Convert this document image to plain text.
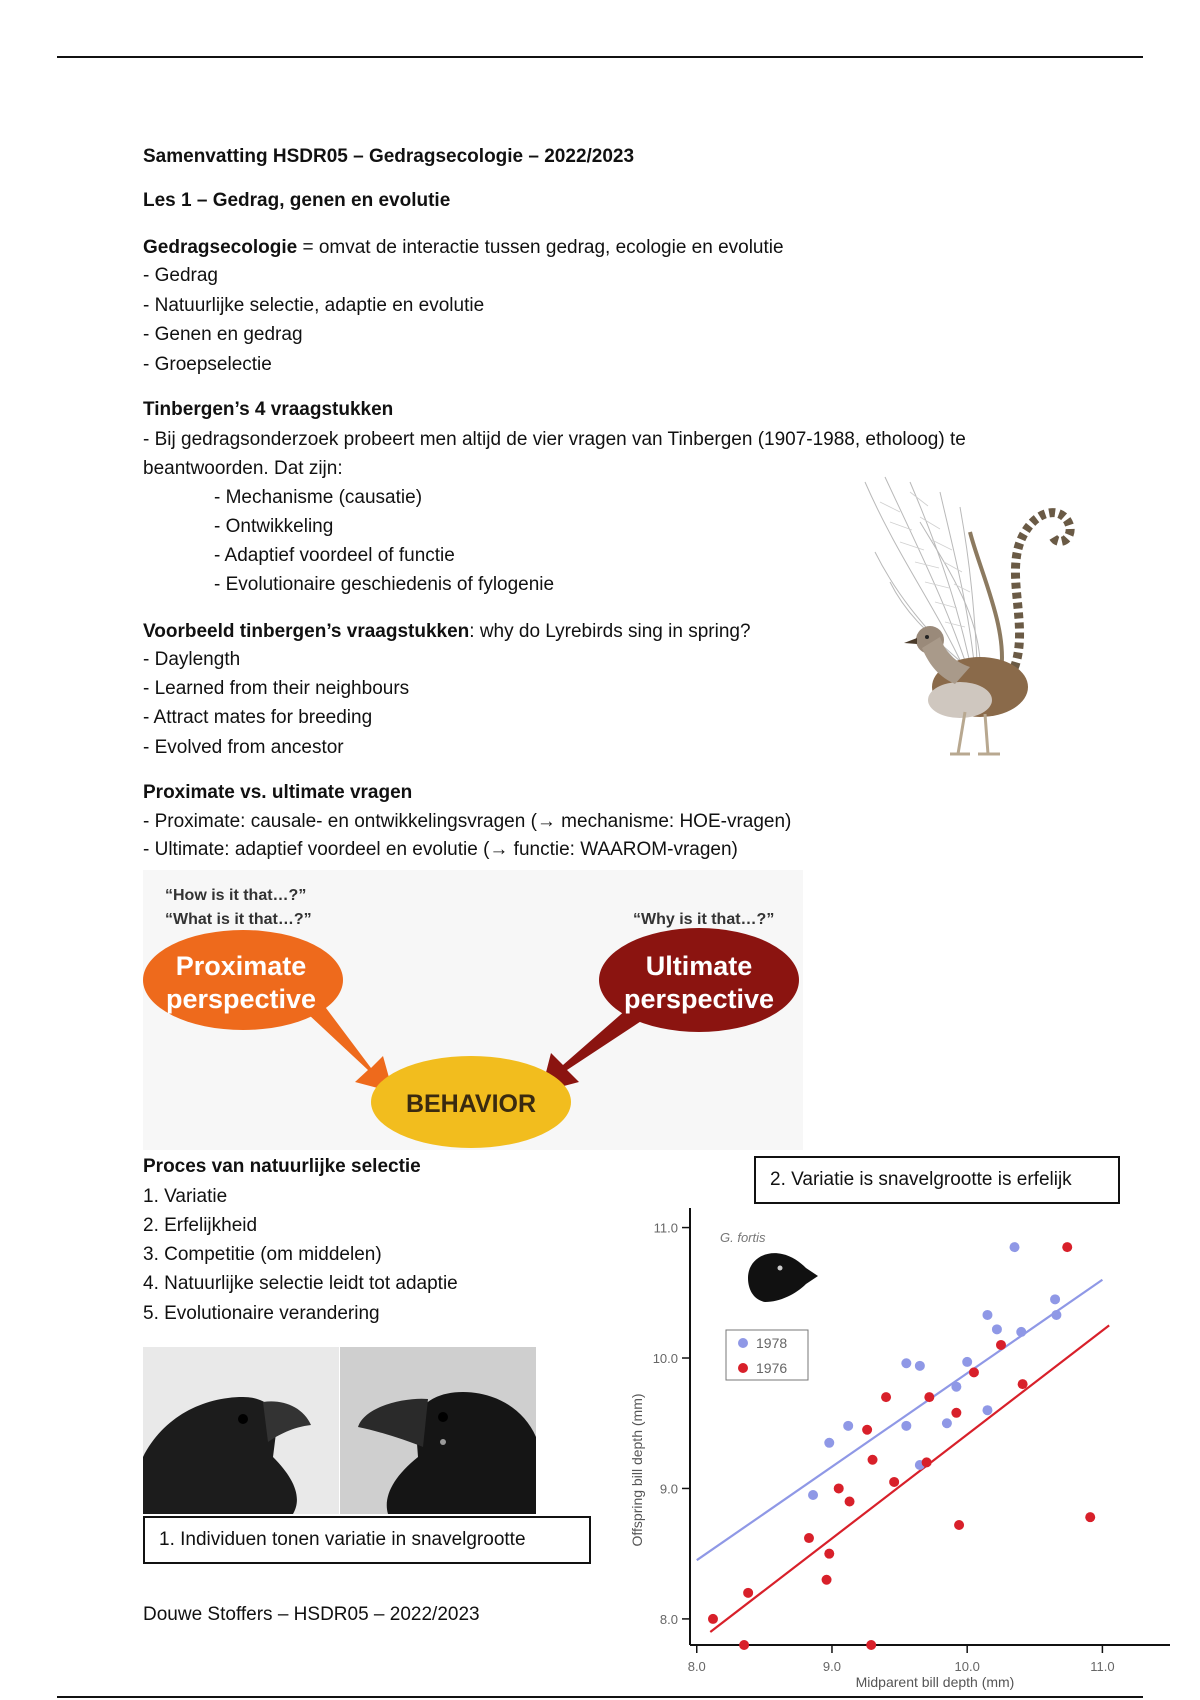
Samenvatting HSDR05 – Gedragsecologie – 2022/2023
Les 1 – Gedrag, genen en evolutie
Gedragsecologie = omvat de interactie tussen gedrag, ecologie en evolutie
- Gedrag
- Natuurlijke selectie, adaptie en evolutie
- Genen en gedrag
- Groepselectie
Tinbergen’s 4 vraagstukken
- Bij gedragsonderzoek probeert men altijd de vier vragen van Tinbergen (1907-1988, etholoog) te
beantwoorden. Dat zijn:
- Mechanisme (causatie)
- Ontwikkeling
- Adaptief voordeel of functie
- Evolutionaire geschiedenis of fylogenie
Voorbeeld tinbergen’s vraagstukken: why do Lyrebirds sing in spring?
- Daylength
- Learned from their neighbours
- Attract mates for breeding
- Evolved from ancestor
Proximate vs. ultimate vragen
- Proximate: causale- en ontwikkelingsvragen (→ mechanisme: HOE-vragen)
- Ultimate: adaptief voordeel en evolutie (→ functie: WAAROM-vragen)
“How is it that…?”
“What is it that…?”	“Why is it that…?”
Proximate
perspective
Ultimate
perspective
BEHAVIOR
Proces van natuurlijke selectie
1. Variatie
2. Erfelijkheid
3. Competitie (om middelen)
4. Natuurlijke selectie leidt tot adaptie
5. Evolutionaire verandering
1. Individuen tonen variatie in snavelgrootte
2. Variatie is snavelgrootte is erfelijk
Douwe Stoffers – HSDR05 – 2022/2023
8.0	9.0	10.0	11.0
8.0
9.0
10.0
11.0
1978
1976
G. fortis
Midparent bill depth (mm)
Offspring bill depth (mm)
